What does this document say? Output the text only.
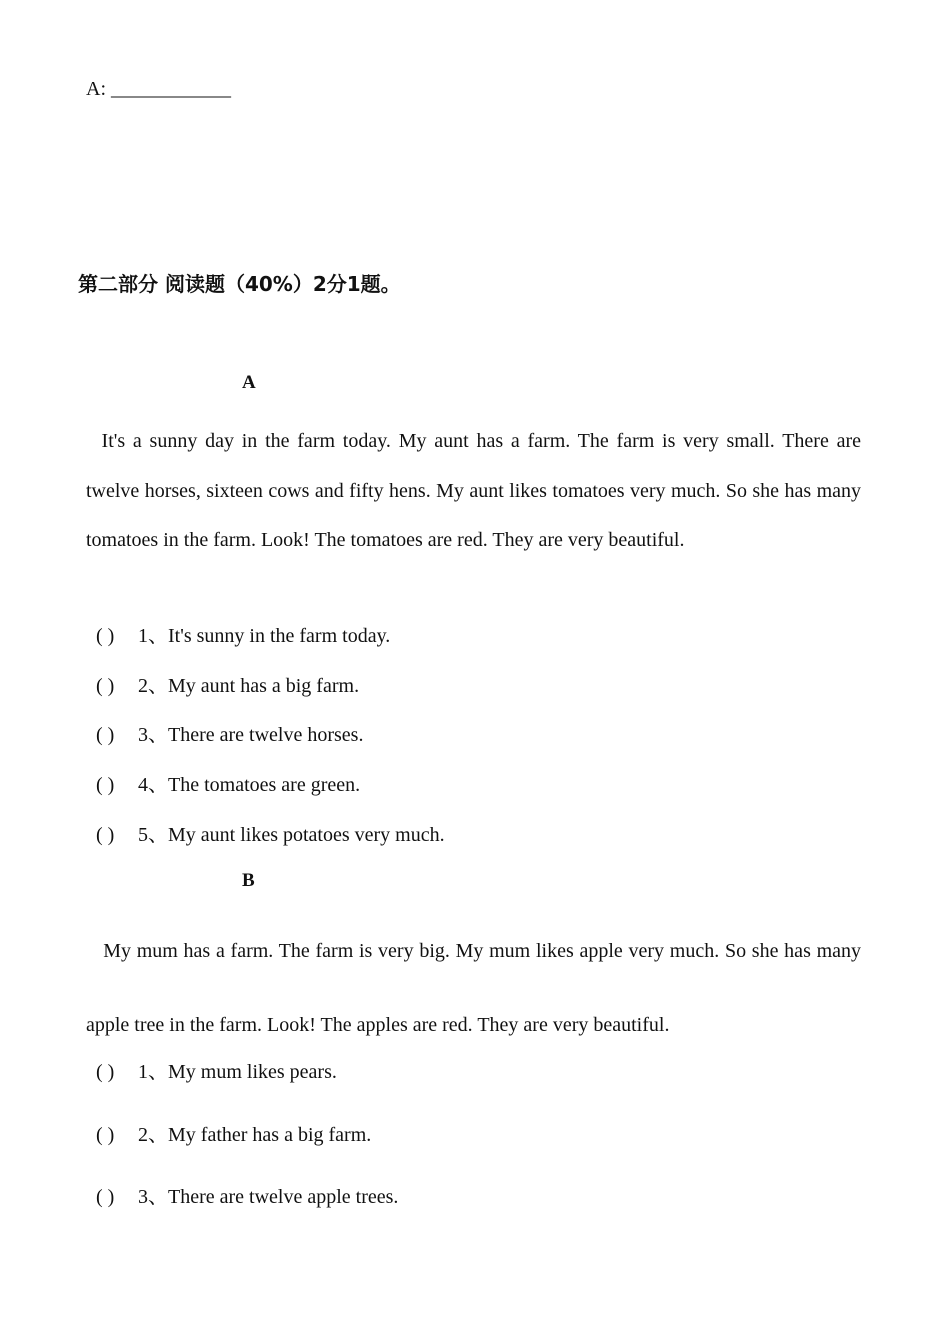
A: ____________
第二部分 阅读题（40%）2分1题。
A
It's a sunny day in the farm today. My aunt has a farm. The farm is very small. There are twelve horses, sixteen cows and fifty hens. My aunt likes tomatoes very much. So she has many tomatoes in the farm. Look! The tomatoes are red. They are very beautiful.
( ) 1、It's sunny in the farm today.
( ) 2、My aunt has a big farm.
( ) 3、There are twelve horses.
( ) 4、The tomatoes are green.
( ) 5、My aunt likes potatoes very much.
B
My mum has a farm. The farm is very big. My mum likes apple very much. So she has many apple tree in the farm. Look! The apples are red. They are very beautiful.
( ) 1、My mum likes pears.
( ) 2、My father has a big farm.
( ) 3、There are twelve apple trees.
